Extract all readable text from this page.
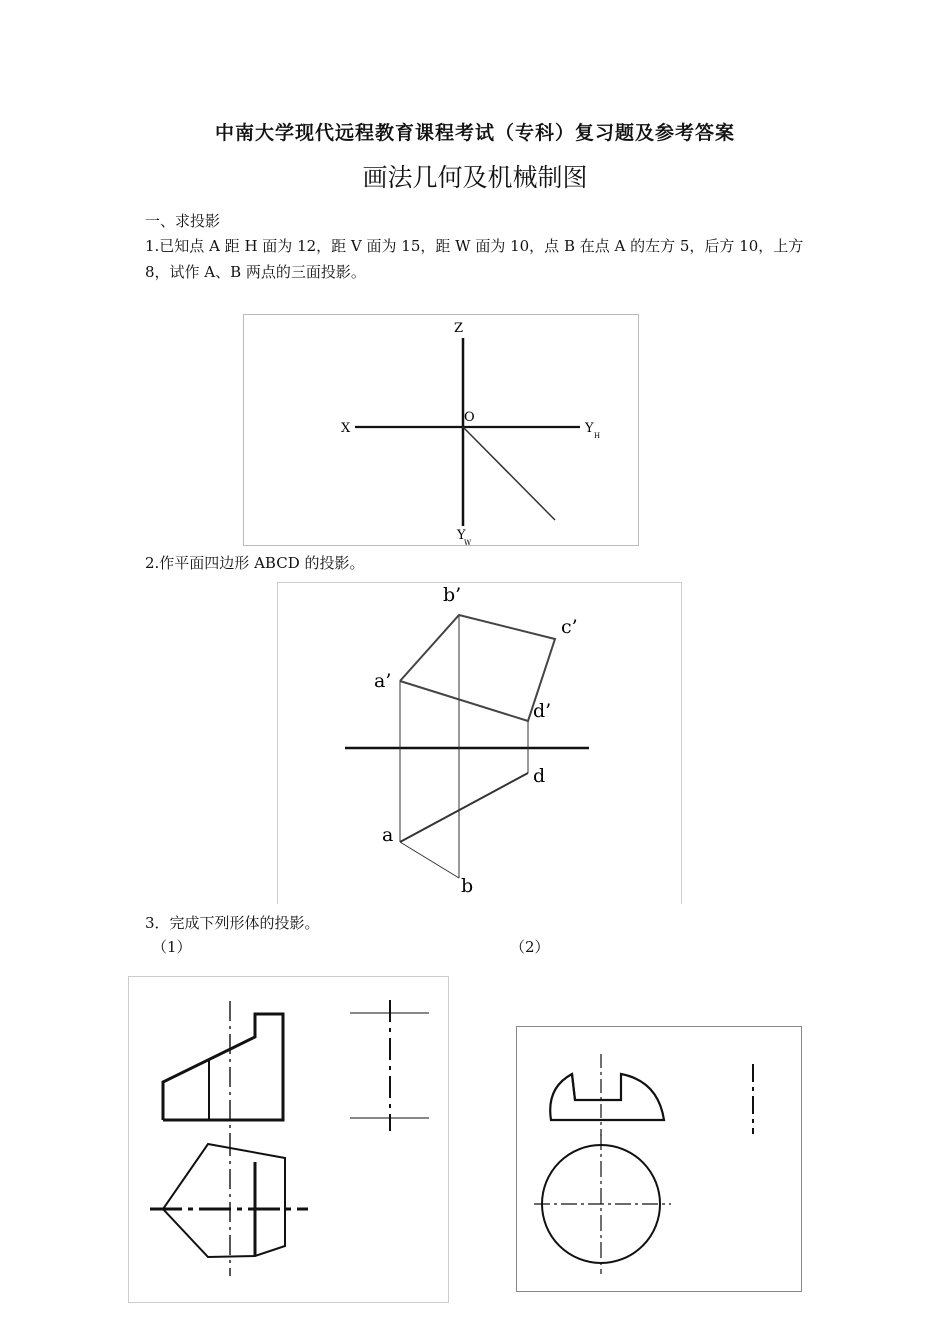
中南大学现代远程教育课程考试（专科）复习题及参考答案
画法几何及机械制图
一、求投影
1.已知点 A 距 H 面为 12，距 V 面为 15，距 W 面为 10，点 B 在点 A 的左方 5，后方 10，上方
8，试作 A、B 两点的三面投影。
Z
X
O
Y H
Y
W
2.作平面四边形 ABCD 的投影。
b’
c’
a’
d’
d
a
b
3．完成下列形体的投影。
（1）	（2）
